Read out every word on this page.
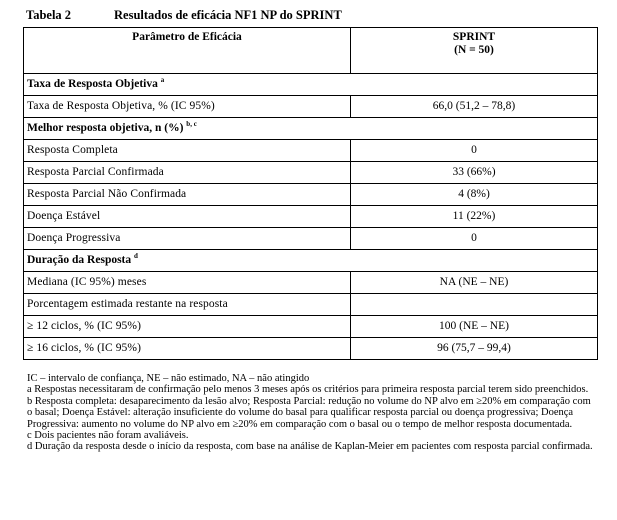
Tabela 2	Resultados de eficácia NF1 NP do SPRINT
Parâmetro de Eficácia	SPRINT
(N = 50)

Taxa de Resposta Objetiva $^a$
Taxa de Resposta Objetiva, % (IC 95%)	66,0 (51,2 – 78,8)
Melhor resposta objetiva, n (%) $^{b, c}$
Resposta Completa	0
Resposta Parcial Confirmada	33 (66%)
Resposta Parcial Não Confirmada	4 (8%)
Doença Estável	11 (22%)
Doença Progressiva	0
Duração da Resposta $^d$
Mediana (IC 95%) meses	NA (NE – NE)
Porcentagem estimada restante na resposta	
≥ 12 ciclos, % (IC 95%)	100 (NE – NE)
≥ 16 ciclos, % (IC 95%)	96 (75,7 – 99,4)

IC – intervalo de confiança, NE – não estimado, NA – não atingido

a Respostas necessitaram de confirmação pelo menos 3 meses após os critérios para primeira resposta parcial terem sido preenchidos.

b Resposta completa: desaparecimento da lesão alvo; Resposta Parcial: redução no volume do NP alvo em ≥20% em comparação com o basal; Doença Estável: alteração insuficiente do volume do basal para qualificar resposta parcial ou doença progressiva; Doença Progressiva: aumento no volume do NP alvo em ≥20% em comparação com o basal ou o tempo de melhor resposta documentada.

c Dois pacientes não foram avaliáveis.

d Duração da resposta desde o início da resposta, com base na análise de Kaplan-Meier em pacientes com resposta parcial confirmada.
